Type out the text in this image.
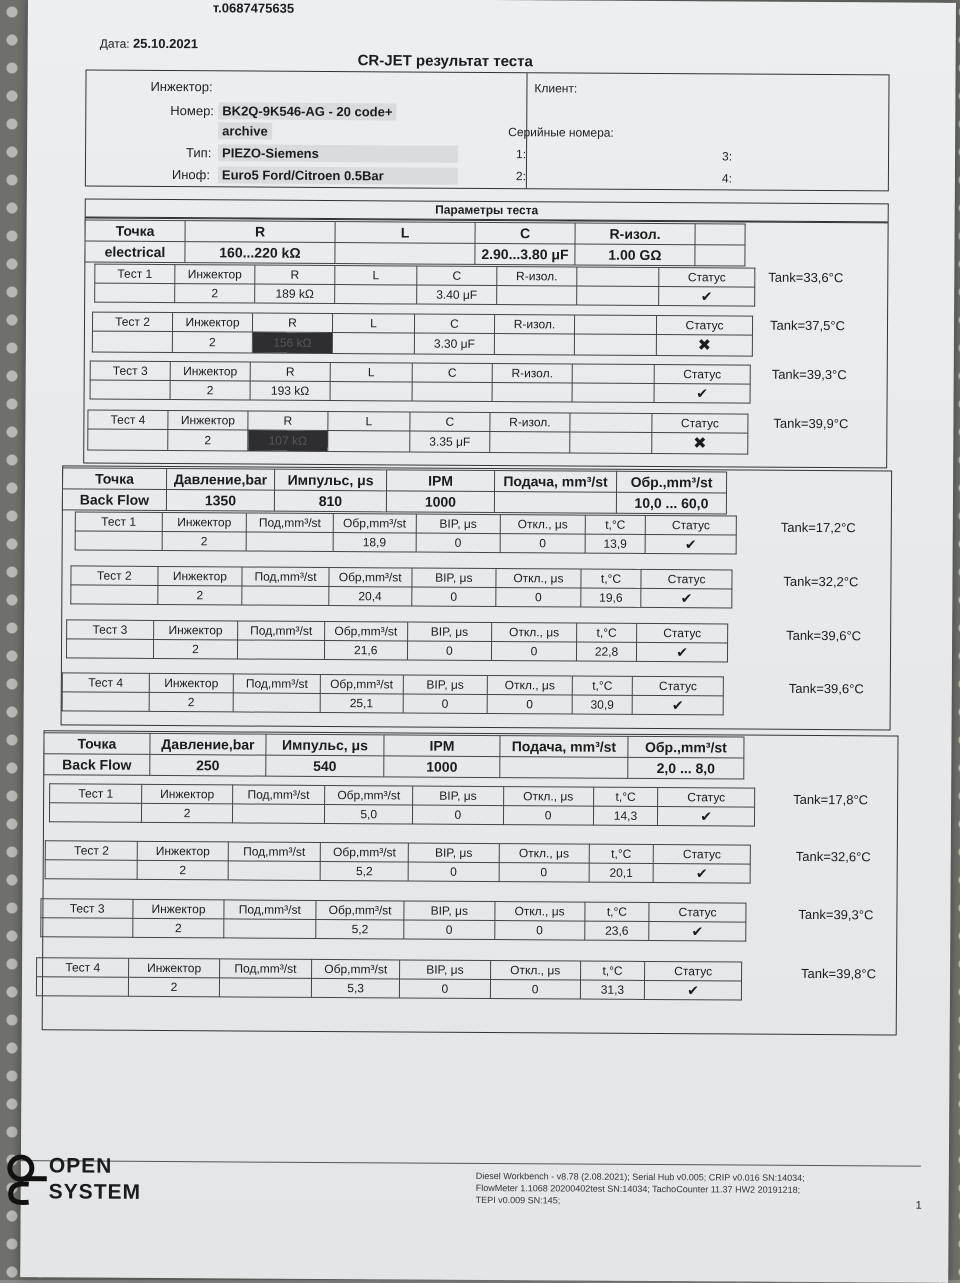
т.0687475635
Дата: 25.10.2021
CR-JET результат теста
Инжектор:
Номер: BK2Q-9K546-AG - 20 code+
archive
Тип: PIEZO-Siemens
Иноф: Euro5 Ford/Citroen 0.5Bar
Клиент:
Серийные номера:
1:
2:
3:
4:
Параметры теста
Точка	R	L	C	R-изол.	
electrical	160...220 kΩ		2.90...3.80 μF	1.00 GΩ	
Тест 1	Инжектор	R	L	C	R-изол.		Статус
	2	189 kΩ		3.40 μF			✔
Tank=33,6°C
Тест 2	Инжектор	R	L	C	R-изол.		Статус
	2	156 kΩ		3.30 μF			✖
Tank=37,5°C
Тест 3	Инжектор	R	L	C	R-изол.		Статус
	2	193 kΩ					✔
Tank=39,3°C
Тест 4	Инжектор	R	L	C	R-изол.		Статус
	2	107 kΩ		3.35 μF			✖
Tank=39,9°C
Точка	Давление,bar	Импульс, μs	IPM	Подача, mm³/st	Обр.,mm³/st
Back Flow	1350	810	1000		10,0 ... 60,0
Тест 1	Инжектор	Под,mm³/st	Обр,mm³/st	BIP, μs	Откл., μs	t,°C	Статус
	2		18,9	0	0	13,9	✔
Tank=17,2°C
Тест 2	Инжектор	Под,mm³/st	Обр,mm³/st	BIP, μs	Откл., μs	t,°C	Статус
	2		20,4	0	0	19,6	✔
Tank=32,2°C
Тест 3	Инжектор	Под,mm³/st	Обр,mm³/st	BIP, μs	Откл., μs	t,°C	Статус
	2		21,6	0	0	22,8	✔
Tank=39,6°C
Тест 4	Инжектор	Под,mm³/st	Обр,mm³/st	BIP, μs	Откл., μs	t,°C	Статус
	2		25,1	0	0	30,9	✔
Tank=39,6°C
Точка	Давление,bar	Импульс, μs	IPM	Подача, mm³/st	Обр.,mm³/st
Back Flow	250	540	1000		2,0 ... 8,0
Тест 1	Инжектор	Под,mm³/st	Обр,mm³/st	BIP, μs	Откл., μs	t,°C	Статус
	2		5,0	0	0	14,3	✔
Tank=17,8°C
Тест 2	Инжектор	Под,mm³/st	Обр,mm³/st	BIP, μs	Откл., μs	t,°C	Статус
	2		5,2	0	0	20,1	✔
Tank=32,6°C
Тест 3	Инжектор	Под,mm³/st	Обр,mm³/st	BIP, μs	Откл., μs	t,°C	Статус
	2		5,2	0	0	23,6	✔
Tank=39,3°C
Тест 4	Инжектор	Под,mm³/st	Обр,mm³/st	BIP, μs	Откл., μs	t,°C	Статус
	2		5,3	0	0	31,3	✔
Tank=39,8°C
OPEN
SYSTEM
Diesel Workbench - v8.78 (2.08.2021); Serial Hub v0.005; CRIP v0.016 SN:14034;
FlowMeter 1.1068 20200402test SN:14034; TachoCounter 11.37 HW2 20191218;
TEPI v0.009 SN:145;	1
